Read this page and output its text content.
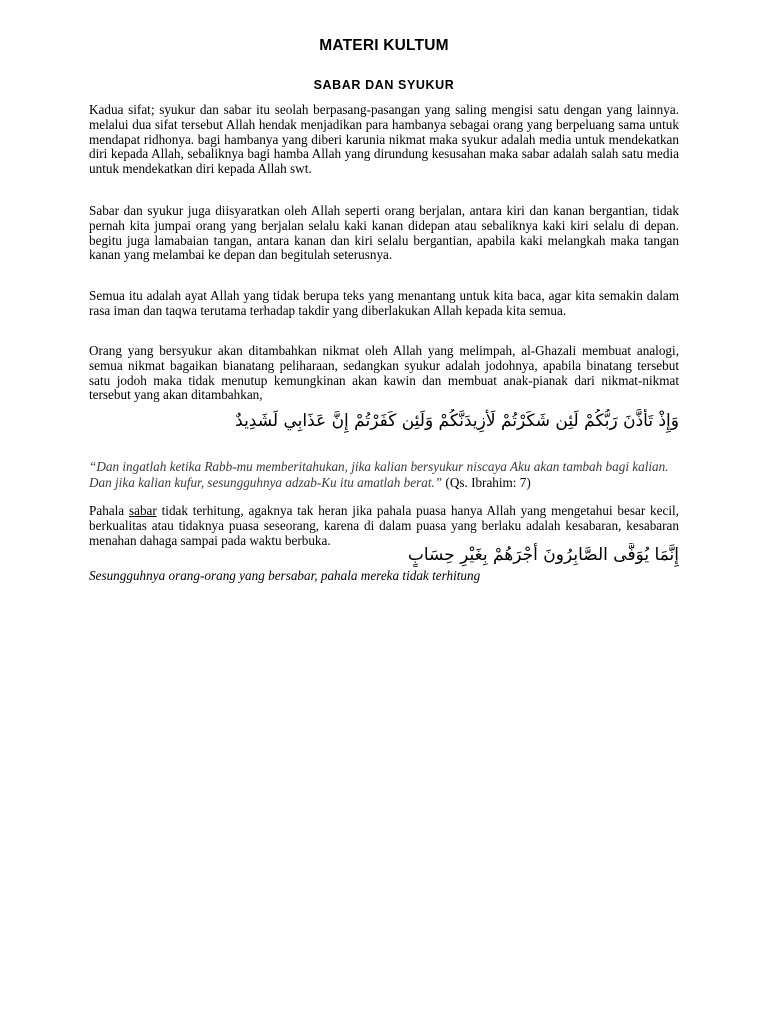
MATERI KULTUM
SABAR DAN SYUKUR

Kadua sifat; syukur dan sabar itu seolah berpasang-pasangan yang saling mengisi satu dengan yang lainnya. melalui dua sifat tersebut Allah hendak menjadikan para hambanya sebagai orang yang berpeluang sama untuk mendapat ridhonya. bagi hambanya yang diberi karunia nikmat maka syukur adalah media untuk mendekatkan diri kepada Allah, sebaliknya bagi hamba Allah yang dirundung kesusahan maka sabar adalah salah satu media untuk mendekatkan diri kepada Allah swt.

Sabar dan syukur juga diisyaratkan oleh Allah seperti orang berjalan, antara kiri dan kanan bergantian, tidak pernah kita jumpai orang yang berjalan selalu kaki kanan didepan atau sebaliknya kaki kiri selalu di depan. begitu juga lamabaian tangan, antara kanan dan kiri selalu bergantian, apabila kaki melangkah maka tangan kanan yang melambai ke depan dan begitulah seterusnya.

Semua itu adalah ayat Allah yang tidak berupa teks yang menantang untuk kita baca, agar kita semakin dalam rasa iman dan taqwa terutama terhadap takdir yang diberlakukan Allah kepada kita semua.

Orang yang bersyukur akan ditambahkan nikmat oleh Allah yang melimpah, al-Ghazali membuat analogi, semua nikmat bagaikan bianatang peliharaan, sedangkan syukur adalah jodohnya, apabila binatang tersebut satu jodoh maka tidak menutup kemungkinan akan kawin dan membuat anak-pianak dari nikmat-nikmat tersebut yang akan ditambahkan,

وَإِذْ تَأَذَّنَ رَبُّكُمْ لَئِن شَكَرْتُمْ لَأَزِيدَنَّكُمْ وَلَئِن كَفَرْتُمْ إِنَّ عَذَابِي لَشَدِيدٌ
“Dan ingatlah ketika Rabb-mu memberitahukan, jika kalian bersyukur niscaya Aku akan tambah bagi kalian. Dan jika kalian kufur, sesungguhnya adzab-Ku itu amatlah berat.” (Qs. Ibrahim: 7)

Pahala sabar tidak terhitung, agaknya tak heran jika pahala puasa hanya Allah yang mengetahui besar kecil, berkualitas atau tidaknya puasa seseorang, karena di dalam puasa yang berlaku adalah kesabaran, kesabaran menahan dahaga sampai pada waktu berbuka.

إِنَّمَا يُوَفَّى الصَّابِرُونَ أَجْرَهُمْ بِغَيْرِ حِسَابٍ
Sesungguhnya orang-orang yang bersabar, pahala mereka tidak terhitung
